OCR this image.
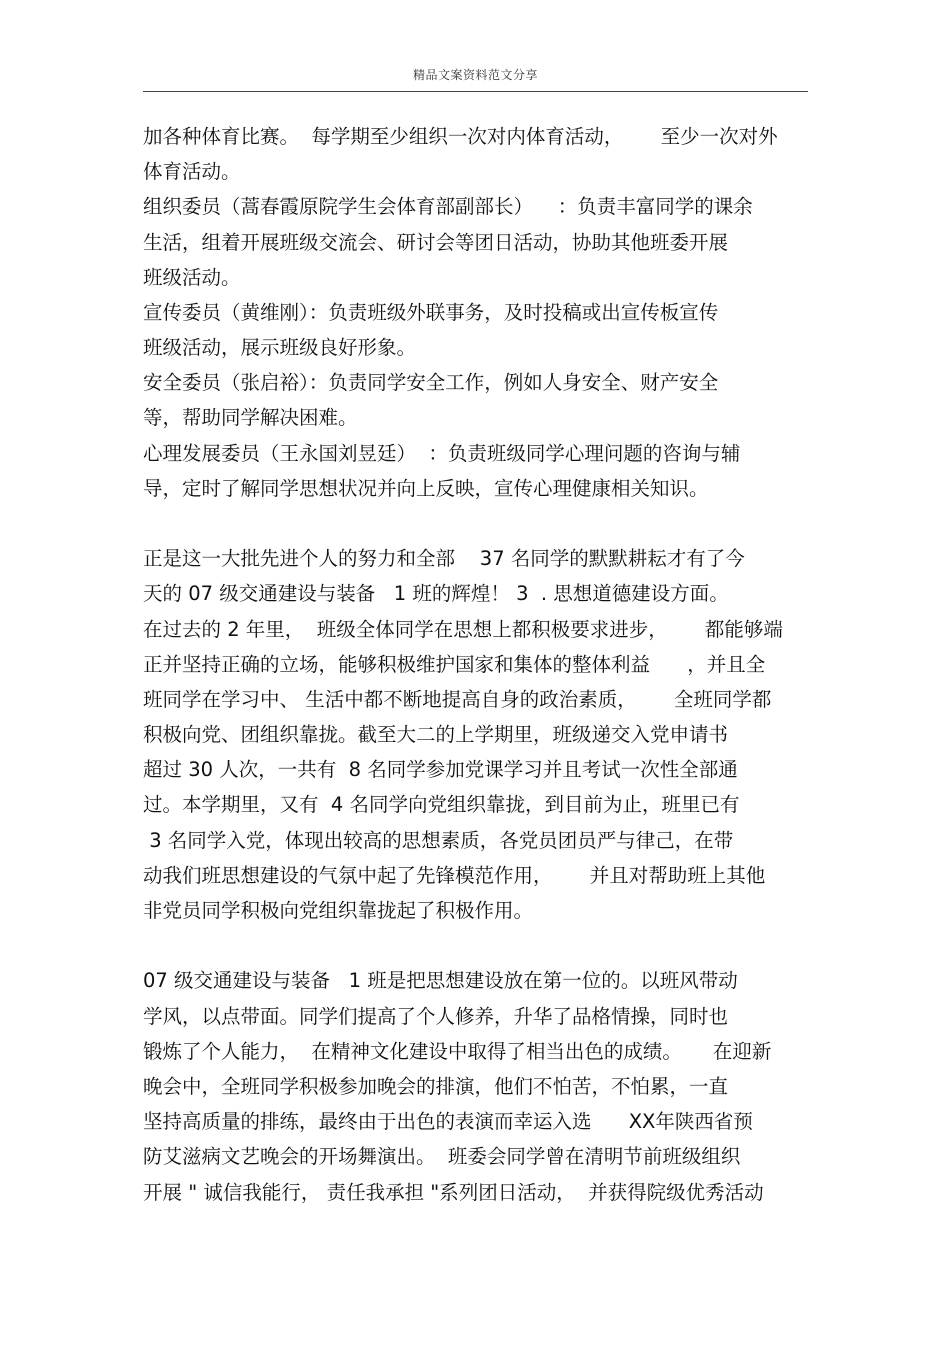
精品文案资料范文分享

加各种体育比赛。  每学期至少组织一次对内体育活动，      至少一次对外

体育活动。

组织委员（蒿春霞原院学生会体育部副部长）    ：负责丰富同学的课余

生活，组着开展班级交流会、研讨会等团日活动，协助其他班委开展

班级活动。

宣传委员（黄维刚）：负责班级外联事务，及时投稿或出宣传板宣传

班级活动，展示班级良好形象。

安全委员（张启裕）：负责同学安全工作，例如人身安全、财产安全

等，帮助同学解决困难。

心理发展委员（王永国刘昱廷）  ：负责班级同学心理问题的咨询与辅

导，定时了解同学思想状况并向上反映，宣传心理健康相关知识。

正是这一大批先进个人的努力和全部    37 名同学的默默耕耘才有了今

天的 07 级交通建设与装备   1 班的辉煌！ 3  . 思想道德建设方面。

在过去的 2 年里，  班级全体同学在思想上都积极要求进步，      都能够端

正并坚持正确的立场，能够积极维护国家和集体的整体利益      ，并且全

班同学在学习中、 生活中都不断地提高自身的政治素质，      全班同学都

积极向党、团组织靠拢。截至大二的上学期里，班级递交入党申请书

超过 30 人次，一共有  8 名同学参加党课学习并且考试一次性全部通

过。本学期里，又有  4 名同学向党组织靠拢，到目前为止，班里已有

3 名同学入党，体现出较高的思想素质，各党员团员严与律己，在带

动我们班思想建设的气氛中起了先锋模范作用，      并且对帮助班上其他

非党员同学积极向党组织靠拢起了积极作用。

07 级交通建设与装备   1 班是把思想建设放在第一位的。以班风带动

学风，以点带面。同学们提高了个人修养，升华了品格情操，同时也

锻炼了个人能力，  在精神文化建设中取得了相当出色的成绩。     在迎新

晚会中，全班同学积极参加晚会的排演，他们不怕苦，不怕累，一直

坚持高质量的排练，最终由于出色的表演而幸运入选      XX年陕西省预

防艾滋病文艺晚会的开场舞演出。  班委会同学曾在清明节前班级组织

开展 " 诚信我能行， 责任我承担 "系列团日活动，  并获得院级优秀活动
